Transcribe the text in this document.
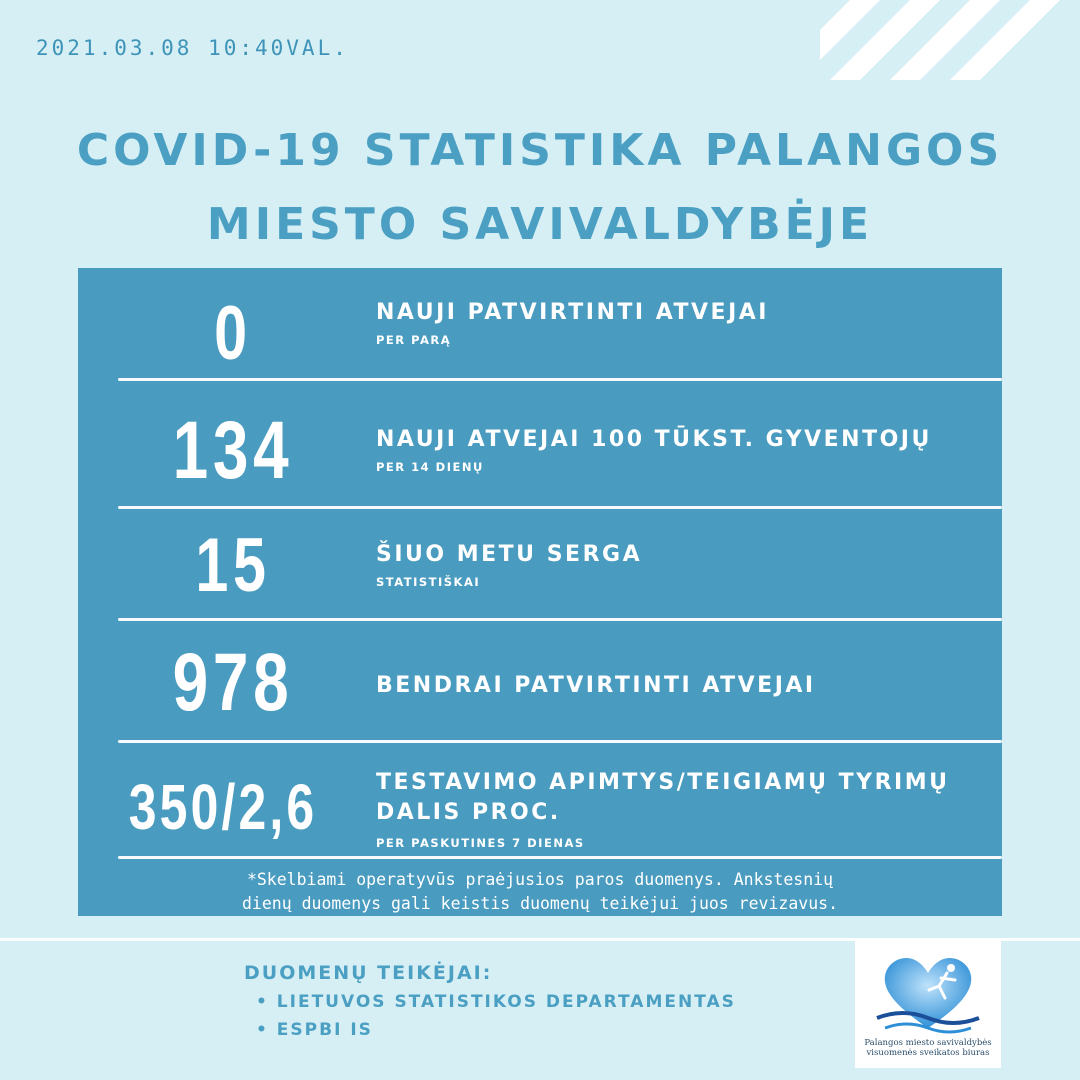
2021.03.08 10:40VAL.
COVID-19 STATISTIKA PALANGOS
MIESTO SAVIVALDYBĖJE
0	NAUJI PATVIRTINTI ATVEJAI
PER PARĄ
134	NAUJI ATVEJAI 100 TŪKST. GYVENTOJŲ
PER 14 DIENŲ
15	ŠIUO METU SERGA
STATISTIŠKAI
978	BENDRAI PATVIRTINTI ATVEJAI
350/2,6	TESTAVIMO APIMTYS/TEIGIAMŲ TYRIMŲ
DALIS PROC.
PER PASKUTINES 7 DIENAS
*Skelbiami operatyvūs praėjusios paros duomenys. Ankstesnių
dienų duomenys gali keistis duomenų teikėjui juos revizavus.
DUOMENŲ TEIKĖJAI:
• LIETUVOS STATISTIKOS DEPARTAMENTAS
• ESPBI IS
Palangos miesto savivaldybės
visuomenės sveikatos biuras
